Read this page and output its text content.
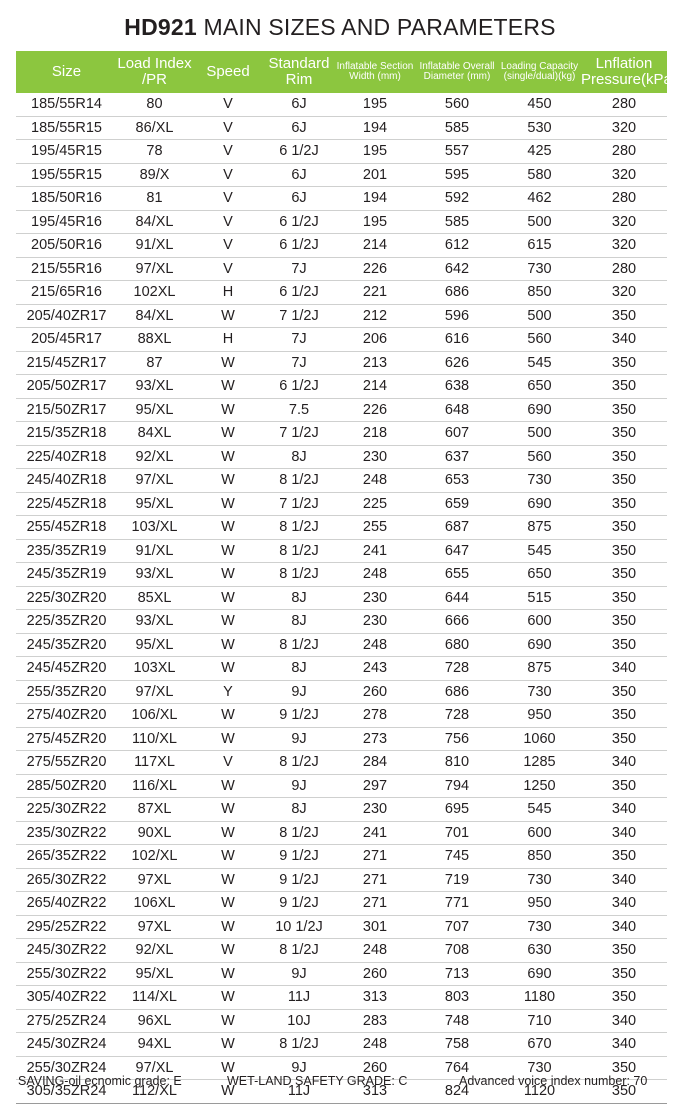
HD921 MAIN SIZES AND PARAMETERS
Size	Load Index /PR	Speed	Standard Rim	Inflatable Section Width (mm)	Inflatable Overall Diameter (mm)	Loading Capacity (single/dual)(kg)	Lnflation Pressure(kPa)
185/55R14	80	V	6J	195	560	450	280
185/55R15	86/XL	V	6J	194	585	530	320
195/45R15	78	V	6 1/2J	195	557	425	280
195/55R15	89/X	V	6J	201	595	580	320
185/50R16	81	V	6J	194	592	462	280
195/45R16	84/XL	V	6 1/2J	195	585	500	320
205/50R16	91/XL	V	6 1/2J	214	612	615	320
215/55R16	97/XL	V	7J	226	642	730	280
215/65R16	102XL	H	6 1/2J	221	686	850	320
205/40ZR17	84/XL	W	7 1/2J	212	596	500	350
205/45R17	88XL	H	7J	206	616	560	340
215/45ZR17	87	W	7J	213	626	545	350
205/50ZR17	93/XL	W	6 1/2J	214	638	650	350
215/50ZR17	95/XL	W	7.5	226	648	690	350
215/35ZR18	84XL	W	7 1/2J	218	607	500	350
225/40ZR18	92/XL	W	8J	230	637	560	350
245/40ZR18	97/XL	W	8 1/2J	248	653	730	350
225/45ZR18	95/XL	W	7 1/2J	225	659	690	350
255/45ZR18	103/XL	W	8 1/2J	255	687	875	350
235/35ZR19	91/XL	W	8 1/2J	241	647	545	350
245/35ZR19	93/XL	W	8 1/2J	248	655	650	350
225/30ZR20	85XL	W	8J	230	644	515	350
225/35ZR20	93/XL	W	8J	230	666	600	350
245/35ZR20	95/XL	W	8 1/2J	248	680	690	350
245/45ZR20	103XL	W	8J	243	728	875	340
255/35ZR20	97/XL	Y	9J	260	686	730	350
275/40ZR20	106/XL	W	9 1/2J	278	728	950	350
275/45ZR20	110/XL	W	9J	273	756	1060	350
275/55ZR20	117XL	V	8 1/2J	284	810	1285	340
285/50ZR20	116/XL	W	9J	297	794	1250	350
225/30ZR22	87XL	W	8J	230	695	545	340
235/30ZR22	90XL	W	8 1/2J	241	701	600	340
265/35ZR22	102/XL	W	9 1/2J	271	745	850	350
265/30ZR22	97XL	W	9 1/2J	271	719	730	340
265/40ZR22	106XL	W	9 1/2J	271	771	950	340
295/25ZR22	97XL	W	10 1/2J	301	707	730	340
245/30ZR22	92/XL	W	8 1/2J	248	708	630	350
255/30ZR22	95/XL	W	9J	260	713	690	350
305/40ZR22	114/XL	W	11J	313	803	1180	350
275/25ZR24	96XL	W	10J	283	748	710	340
245/30ZR24	94XL	W	8 1/2J	248	758	670	340
255/30ZR24	97/XL	W	9J	260	764	730	350
305/35ZR24	112/XL	W	11J	313	824	1120	350
SAVING-oil ecnomic grade: E	WET-LAND SAFETY GRADE: C	Advanced voice index number: 70
